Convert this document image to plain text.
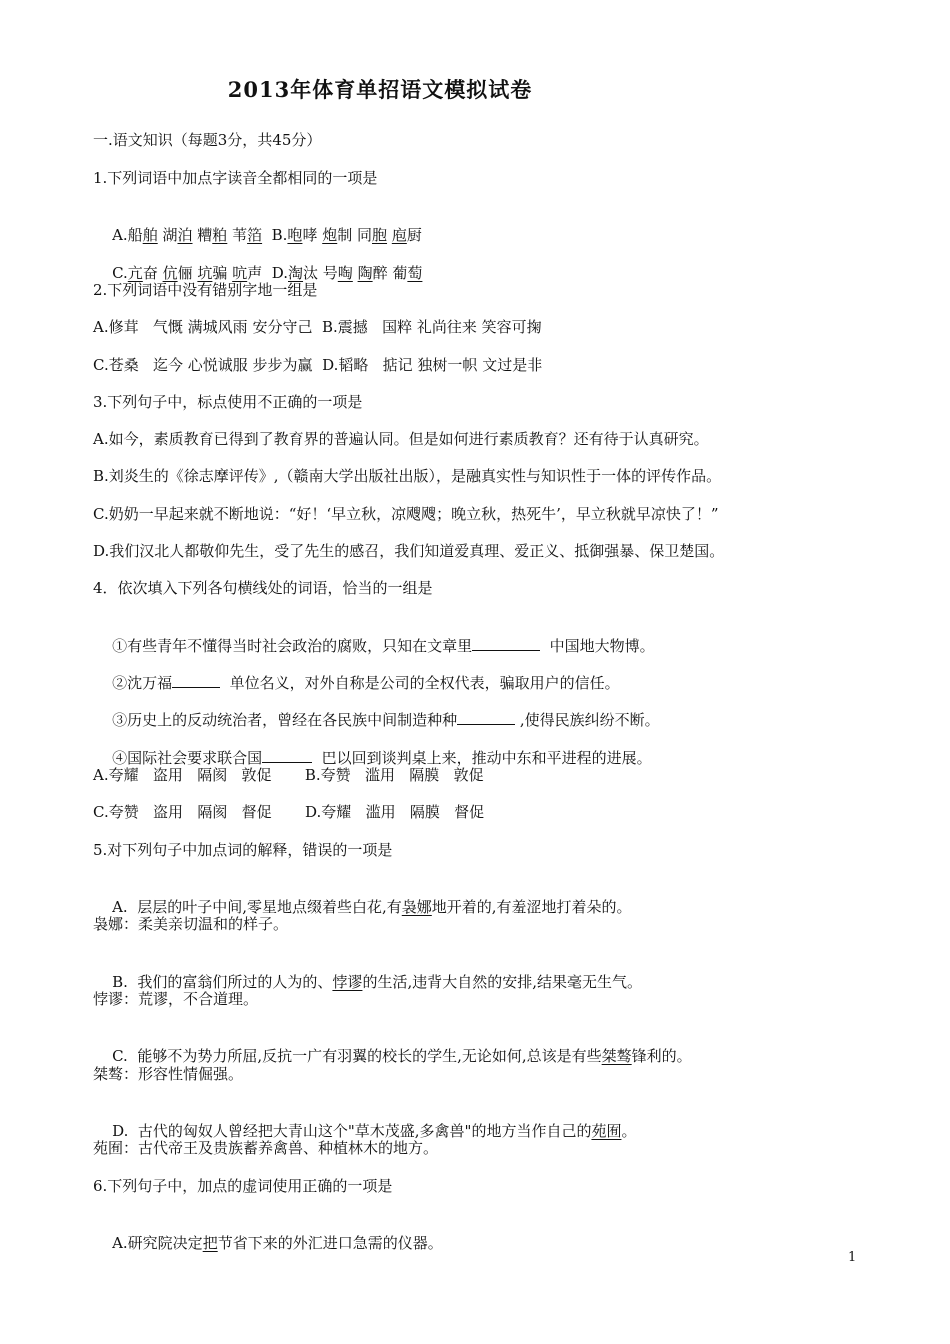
2013年体育单招语文模拟试卷
一.语文知识（每题3分，共45分）
1.下列词语中加点字读音全都相同的一项是

A.船舶 湖泊 糟粕 苇箔  B.咆哮 炮制 同胞 庖厨

C.亢奋 伉俪 坑骗 吭声  D.淘汰 号啕 陶醉 葡萄

2.下列词语中没有错别字地一组是
A.修茸   气慨 满城风雨 安分守己  B.震撼   国粹 礼尚往来 笑容可掬
C.苍桑   迄今 心悦诚服 步步为赢  D.韬略   掂记 独树一帜 文过是非
3.下列句子中，标点使用不正确的一项是
A.如今，素质教育已得到了教育界的普遍认同。但是如何进行素质教育？还有待于认真研究。
B.刘炎生的《徐志摩评传》,（赣南大学出版社出版），是融真实性与知识性于一体的评传作品。
C.奶奶一早起来就不断地说：“好！‘早立秋，凉飕飕；晚立秋，热死牛’，早立秋就早凉快了！”
D.我们汉北人都敬仰先生，受了先生的感召，我们知道爱真理、爱正义、抵御强暴、保卫楚国。
4．依次填入下列各句横线处的词语，恰当的一组是

①有些青年不懂得当时社会政治的腐败，只知在文章里	中国地大物博。

②沈万福	单位名义，对外自称是公司的全权代表，骗取用户的信任。

③历史上的反动统治者，曾经在各民族中间制造种种	,使得民族纠纷不断。

④国际社会要求联合国	巴以回到谈判桌上来，推动中东和平进程的进展。

A.夸耀   盗用   隔阂   敦促       B.夸赞   滥用   隔膜   敦促
C.夸赞   盗用   隔阂   督促       D.夸耀   滥用   隔膜   督促
5.对下列句子中加点词的解释，错误的一项是

A.  层层的叶子中间,零星地点缀着些白花,有袅娜地开着的,有羞涩地打着朵的。

袅娜：柔美亲切温和的样子。

B.  我们的富翁们所过的人为的、悖谬的生活,违背大自然的安排,结果毫无生气。

悖谬：荒谬，不合道理。

C.  能够不为势力所屈,反抗一广有羽翼的校长的学生,无论如何,总该是有些桀骜锋利的。

桀骜：形容性情倔强。

D.  古代的匈奴人曾经把大青山这个"草木茂盛,多禽兽"的地方当作自己的苑囿。

苑囿：古代帝王及贵族蓄养禽兽、种植林木的地方。
6.下列句子中，加点的虚词使用正确的一项是

A.研究院决定把节省下来的外汇进口急需的仪器。

1
